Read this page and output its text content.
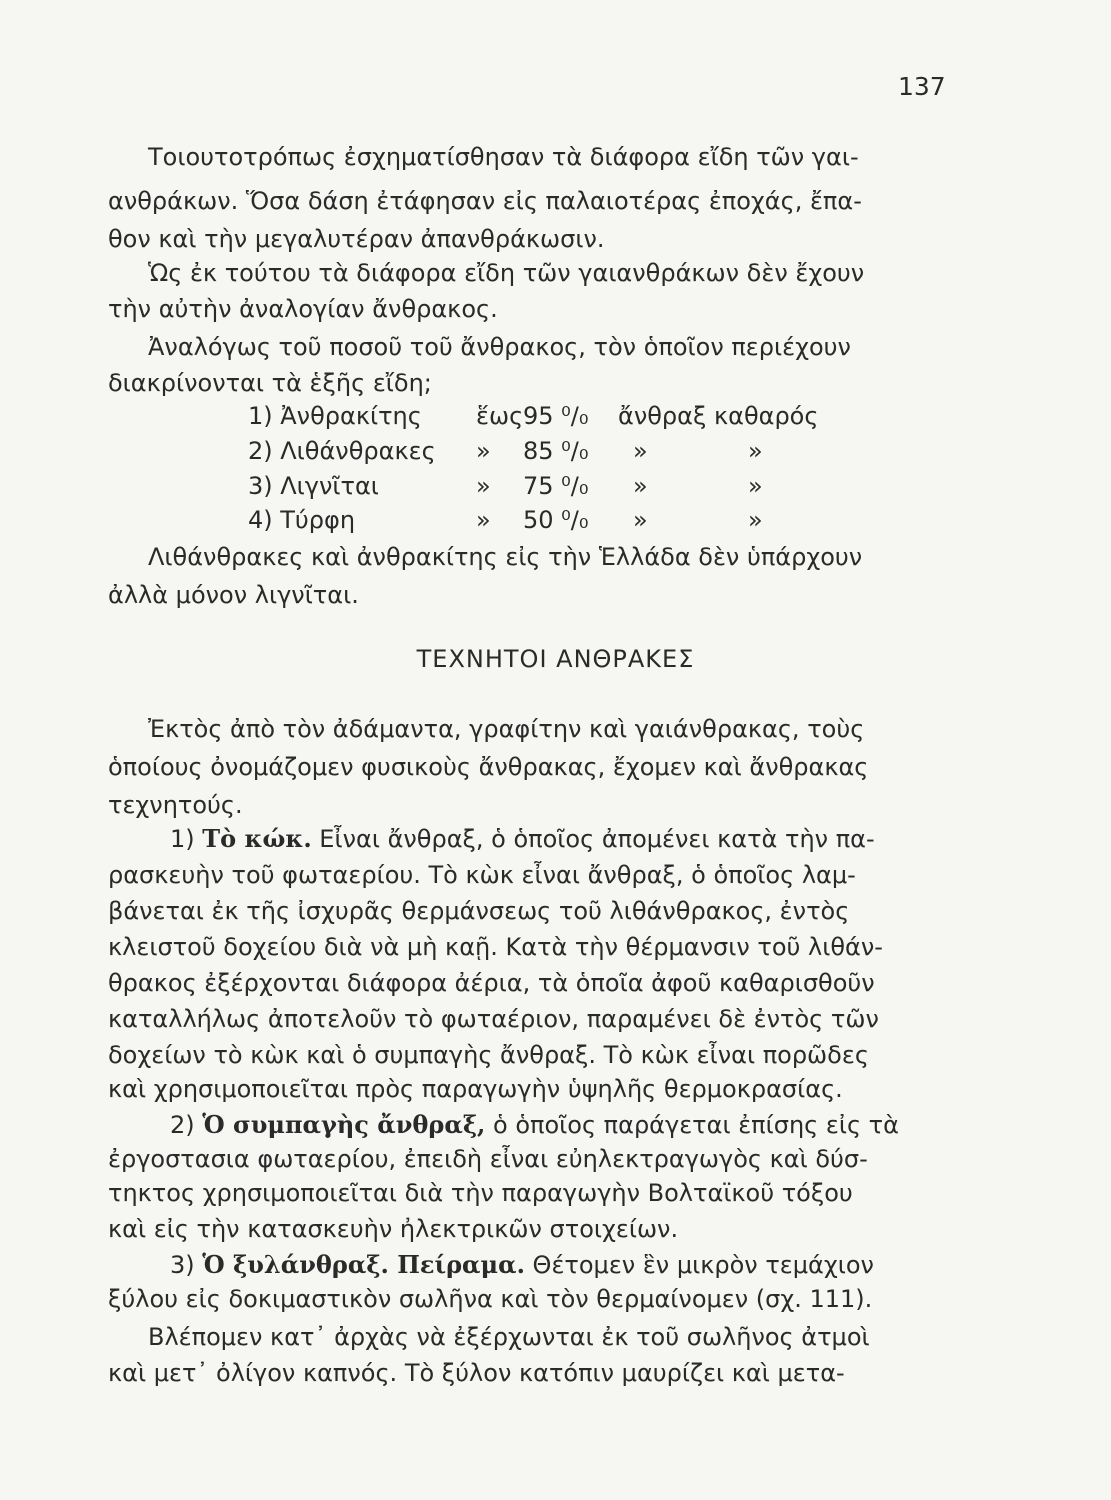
137
Τοιουτοτρόπως ἐσχηματίσθησαν τὰ διάφορα εἴδη τῶν γαι-
ανθράκων. Ὅσα δάση ἐτάφησαν εἰς παλαιοτέρας ἐποχάς, ἔπα-
θον καὶ τὴν μεγαλυτέραν ἀπανθράκωσιν.
Ὡς ἐκ τούτου τὰ διάφορα εἴδη τῶν γαιανθράκων δὲν ἔχουν
τὴν αὐτὴν ἀναλογίαν ἄνθρακος.
Ἀναλόγως τοῦ ποσοῦ τοῦ ἄνθρακος, τὸν ὁποῖον περιέχουν
διακρίνονται τὰ ἑξῆς εἴδη;
1) Ἀνθρακίτης ἕως 95 ⁰/₀ ἄνθραξ καθαρός
2) Λιθάνθρακες » 85 ⁰/₀ »	»
3) Λιγνῖται	» 75 ⁰/₀ »	»
4) Τύρφη	» 50 ⁰/₀ »	»
Λιθάνθρακες καὶ ἀνθρακίτης εἰς τὴν Ἑλλάδα δὲν ὑπάρχουν
ἀλλὰ μόνον λιγνῖται.
ΤΕΧΝΗΤΟΙ ΑΝΘΡΑΚΕΣ
Ἐκτὸς ἀπὸ τὸν ἀδάμαντα, γραφίτην καὶ γαιάνθρακας, τοὺς
ὁποίους ὀνομάζομεν φυσικοὺς ἄνθρακας, ἔχομεν καὶ ἄνθρακας
τεχνητούς.
1) Τὸ κώκ. Εἶναι ἄνθραξ, ὁ ὁποῖος ἀπομένει κατὰ τὴν πα-
ρασκευὴν τοῦ φωταερίου. Τὸ κὼκ εἶναι ἄνθραξ, ὁ ὁποῖος λαμ-
βάνεται ἐκ τῆς ἰσχυρᾶς θερμάνσεως τοῦ λιθάνθρακος, ἐντὸς
κλειστοῦ δοχείου διὰ νὰ μὴ καῇ. Κατὰ τὴν θέρμανσιν τοῦ λιθάν-
θρακος ἐξέρχονται διάφορα ἀέρια, τὰ ὁποῖα ἀφοῦ καθαρισθοῦν
καταλλήλως ἀποτελοῦν τὸ φωταέριον, παραμένει δὲ ἐντὸς τῶν
δοχείων τὸ κὼκ καὶ ὁ συμπαγὴς ἄνθραξ. Τὸ κὼκ εἶναι πορῶδες
καὶ χρησιμοποιεῖται πρὸς παραγωγὴν ὑψηλῆς θερμοκρασίας.
2) Ὁ συμπαγὴς ἄνθραξ, ὁ ὁποῖος παράγεται ἐπίσης εἰς τὰ
ἐργοστασια φωταερίου, ἐπειδὴ εἶναι εὐηλεκτραγωγὸς καὶ δύσ-
τηκτος χρησιμοποιεῖται διὰ τὴν παραγωγὴν Βολταϊκοῦ τόξου
καὶ εἰς τὴν κατασκευὴν ἠλεκτρικῶν στοιχείων.
3) Ὁ ξυλάνθραξ. Πείραμα. Θέτομεν ἓν μικρὸν τεμάχιον
ξύλου εἰς δοκιμαστικὸν σωλῆνα καὶ τὸν θερμαίνομεν (σχ. 111).
Βλέπομεν κατ᾽ ἀρχὰς νὰ ἐξέρχωνται ἐκ τοῦ σωλῆνος ἀτμοὶ
καὶ μετ᾽ ὀλίγον καπνός. Τὸ ξύλον κατόπιν μαυρίζει καὶ μετα-
